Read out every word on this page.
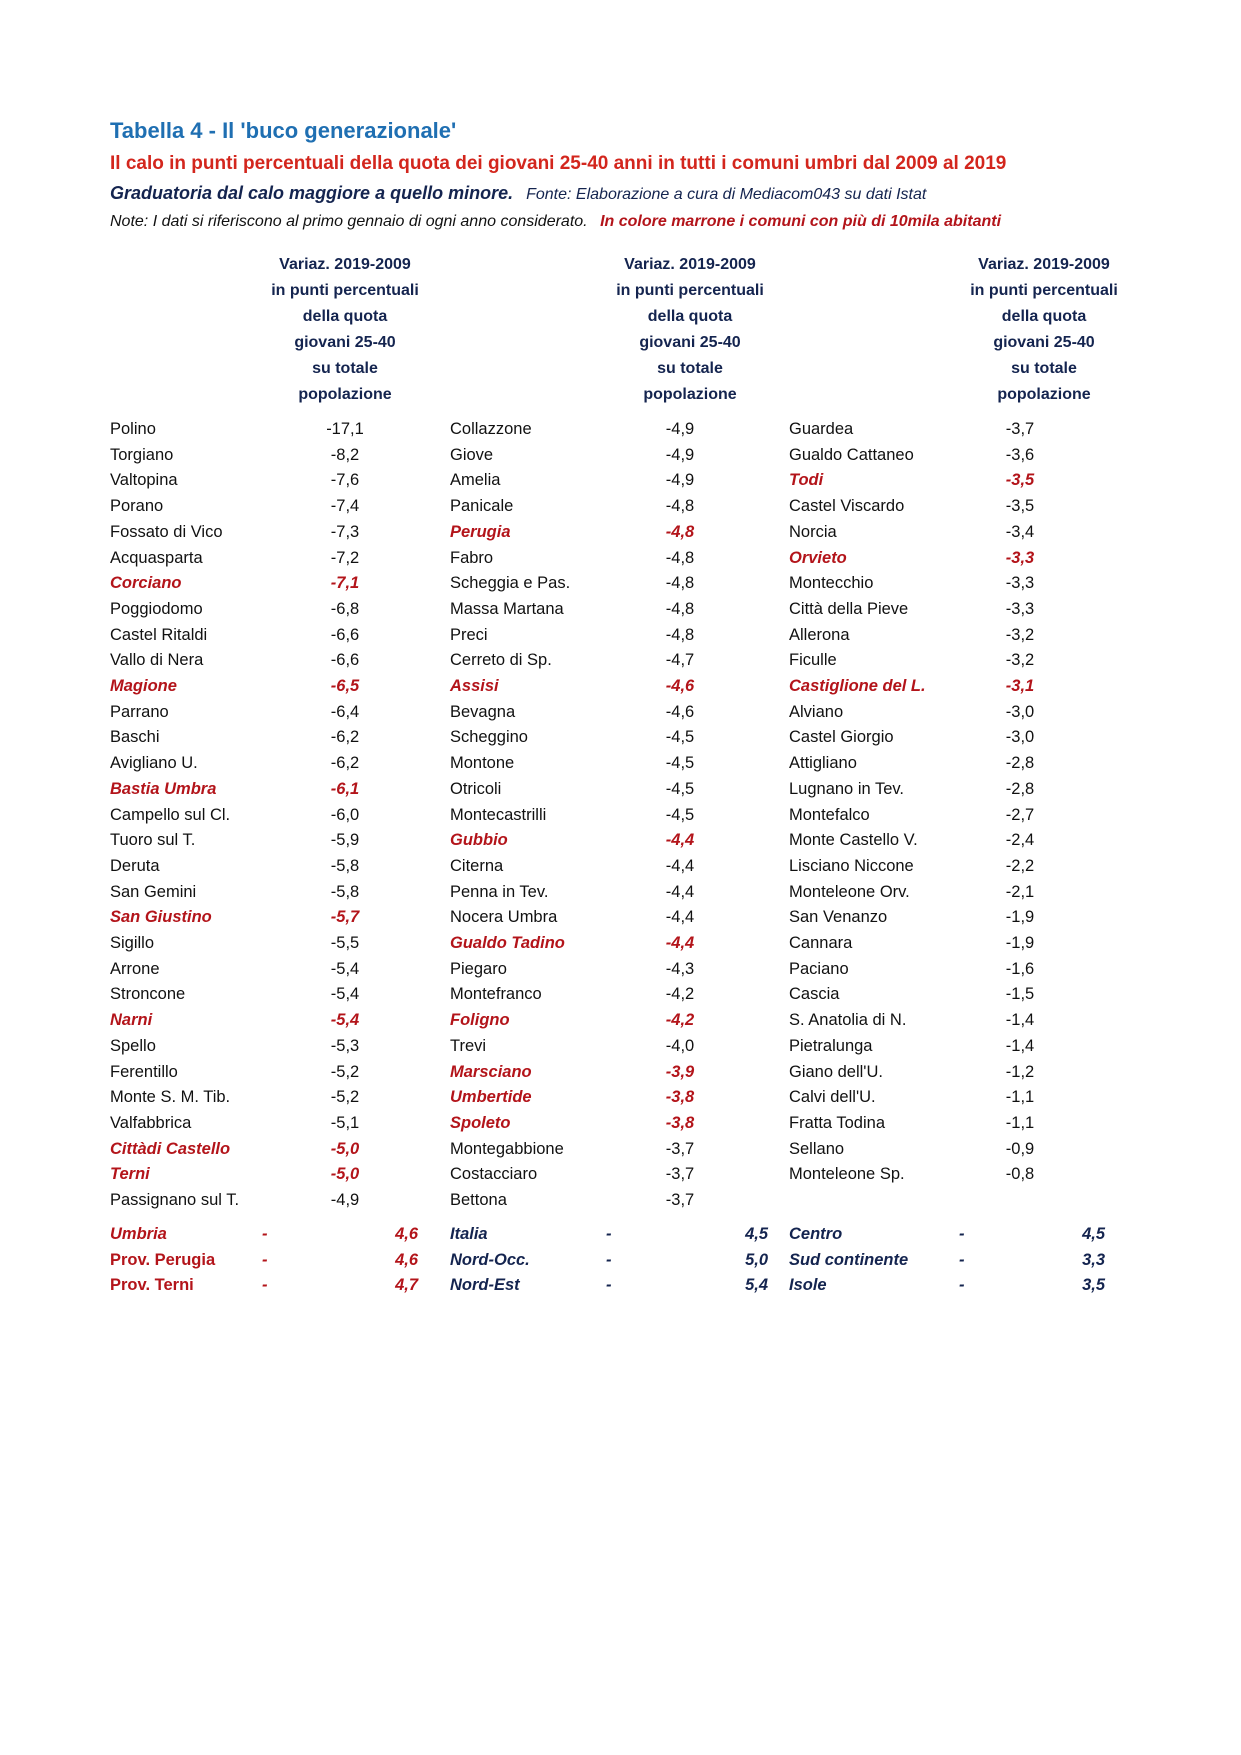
Tabella 4 - Il 'buco generazionale'
Il calo in punti percentuali della quota dei giovani 25-40 anni in tutti i comuni umbri dal 2009 al 2019
Graduatoria dal calo maggiore a quello minore. Fonte: Elaborazione a cura di Mediacom043 su dati Istat
Note: I dati si riferiscono al primo gennaio di ogni anno considerato. In colore marrone i comuni con più di 10mila abitanti
Variaz. 2019-2009
in punti percentuali
della quota
giovani 25-40
su totale
popolazione
Variaz. 2019-2009
in punti percentuali
della quota
giovani 25-40
su totale
popolazione
Variaz. 2019-2009
in punti percentuali
della quota
giovani 25-40
su totale
popolazione
Polino	-17,1
Torgiano	-8,2
Valtopina	-7,6
Porano	-7,4
Fossato di Vico	-7,3
Acquasparta	-7,2
Corciano	-7,1
Poggiodomo	-6,8
Castel Ritaldi	-6,6
Vallo di Nera	-6,6
Magione	-6,5
Parrano	-6,4
Baschi	-6,2
Avigliano U.	-6,2
Bastia Umbra	-6,1
Campello sul Cl.	-6,0
Tuoro sul T.	-5,9
Deruta	-5,8
San Gemini	-5,8
San Giustino	-5,7
Sigillo	-5,5
Arrone	-5,4
Stroncone	-5,4
Narni	-5,4
Spello	-5,3
Ferentillo	-5,2
Monte S. M. Tib.	-5,2
Valfabbrica	-5,1
Cittàdi Castello	-5,0
Terni	-5,0
Passignano sul T.	-4,9
Collazzone	-4,9
Giove	-4,9
Amelia	-4,9
Panicale	-4,8
Perugia	-4,8
Fabro	-4,8
Scheggia e Pas.	-4,8
Massa Martana	-4,8
Preci	-4,8
Cerreto di Sp.	-4,7
Assisi	-4,6
Bevagna	-4,6
Scheggino	-4,5
Montone	-4,5
Otricoli	-4,5
Montecastrilli	-4,5
Gubbio	-4,4
Citerna	-4,4
Penna in Tev.	-4,4
Nocera Umbra	-4,4
Gualdo Tadino	-4,4
Piegaro	-4,3
Montefranco	-4,2
Foligno	-4,2
Trevi	-4,0
Marsciano	-3,9
Umbertide	-3,8
Spoleto	-3,8
Montegabbione	-3,7
Costacciaro	-3,7
Bettona	-3,7
Guardea	-3,7
Gualdo Cattaneo	-3,6
Todi	-3,5
Castel Viscardo	-3,5
Norcia	-3,4
Orvieto	-3,3
Montecchio	-3,3
Città della Pieve	-3,3
Allerona	-3,2
Ficulle	-3,2
Castiglione del L.	-3,1
Alviano	-3,0
Castel Giorgio	-3,0
Attigliano	-2,8
Lugnano in Tev.	-2,8
Montefalco	-2,7
Monte Castello V.	-2,4
Lisciano Niccone	-2,2
Monteleone Orv.	-2,1
San Venanzo	-1,9
Cannara	-1,9
Paciano	-1,6
Cascia	-1,5
S. Anatolia di N.	-1,4
Pietralunga	-1,4
Giano dell'U.	-1,2
Calvi dell'U.	-1,1
Fratta Todina	-1,1
Sellano	-0,9
Monteleone Sp.	-0,8
Umbria	-	4,6
Prov. Perugia	-	4,6
Prov. Terni	-	4,7
Italia	-	4,5
Nord-Occ.	-	5,0
Nord-Est	-	5,4
Centro	-	4,5
Sud continente	-	3,3
Isole	-	3,5
